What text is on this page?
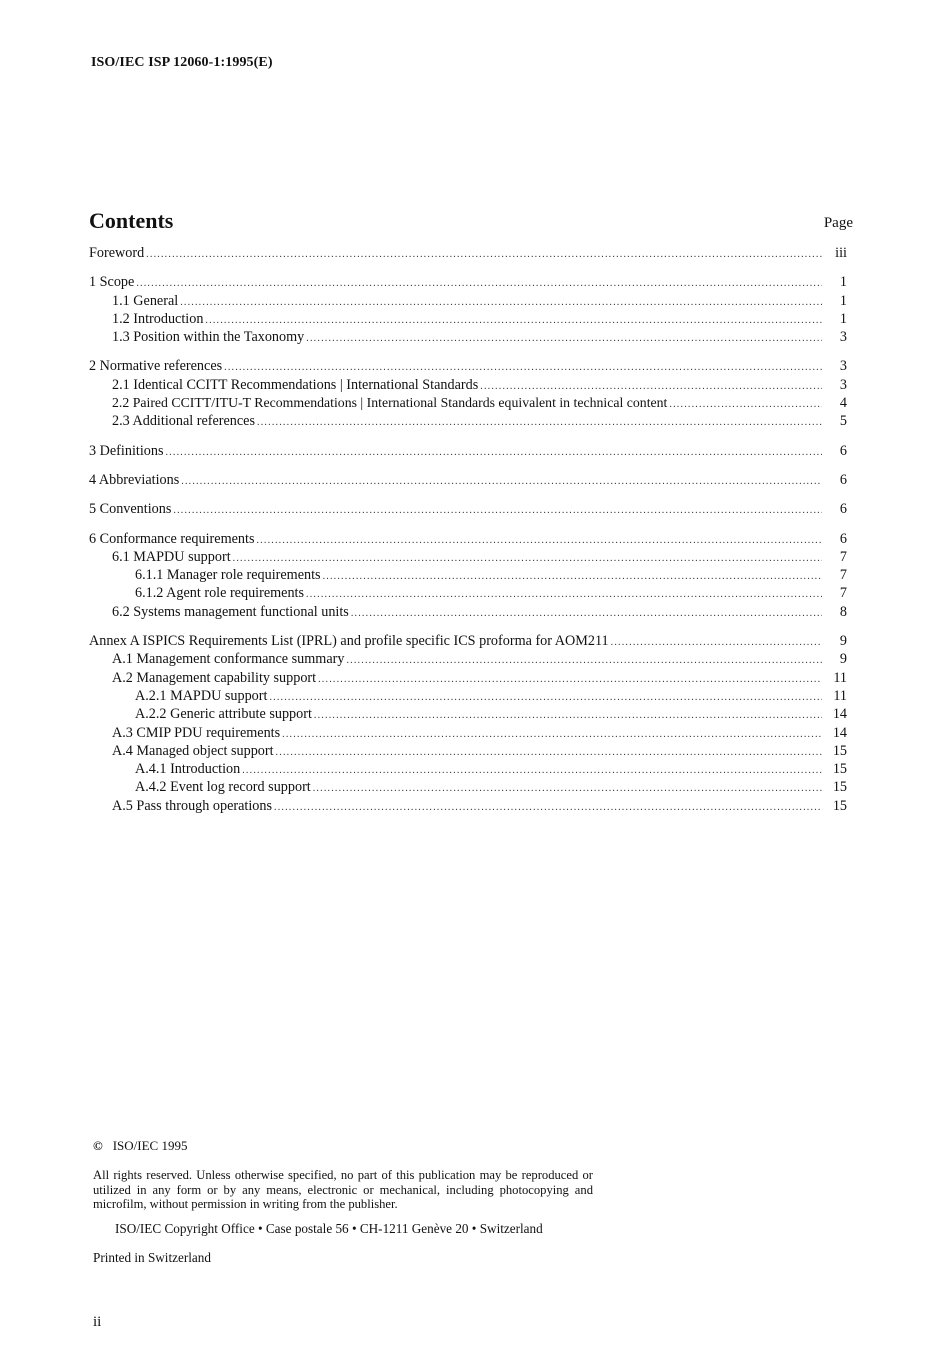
ISO/IEC ISP 12060-1:1995(E)
Contents	Page
Foreword .....	iii
1 Scope .....	1
1.1 General .....	1
1.2 Introduction .....	1
1.3 Position within the Taxonomy .....	3
2 Normative references .....	3
2.1 Identical CCITT Recommendations | International Standards .....	3
2.2 Paired CCITT/ITU-T Recommendations | International Standards equivalent in technical content .....	4
2.3 Additional references .....	5
3 Definitions .....	6
4 Abbreviations .....	6
5 Conventions .....	6
6 Conformance requirements .....	6
6.1 MAPDU support .....	7
6.1.1 Manager role requirements .....	7
6.1.2 Agent role requirements .....	7
6.2 Systems management functional units .....	8
Annex A ISPICS Requirements List (IPRL) and profile specific ICS proforma for AOM211 .....	9
A.1 Management conformance summary .....	9
A.2 Management capability support .....	11
A.2.1 MAPDU support .....	11
A.2.2 Generic attribute support .....	14
A.3 CMIP PDU requirements .....	14
A.4 Managed object support .....	15
A.4.1 Introduction .....	15
A.4.2 Event log record support .....	15
A.5 Pass through operations .....	15

© ISO/IEC 1995

All rights reserved. Unless otherwise specified, no part of this publication may be reproduced or utilized in any form or by any means, electronic or mechanical, including photocopying and microfilm, without permission in writing from the publisher.

ISO/IEC Copyright Office • Case postale 56 • CH-1211 Genève 20 • Switzerland

Printed in Switzerland

ii
